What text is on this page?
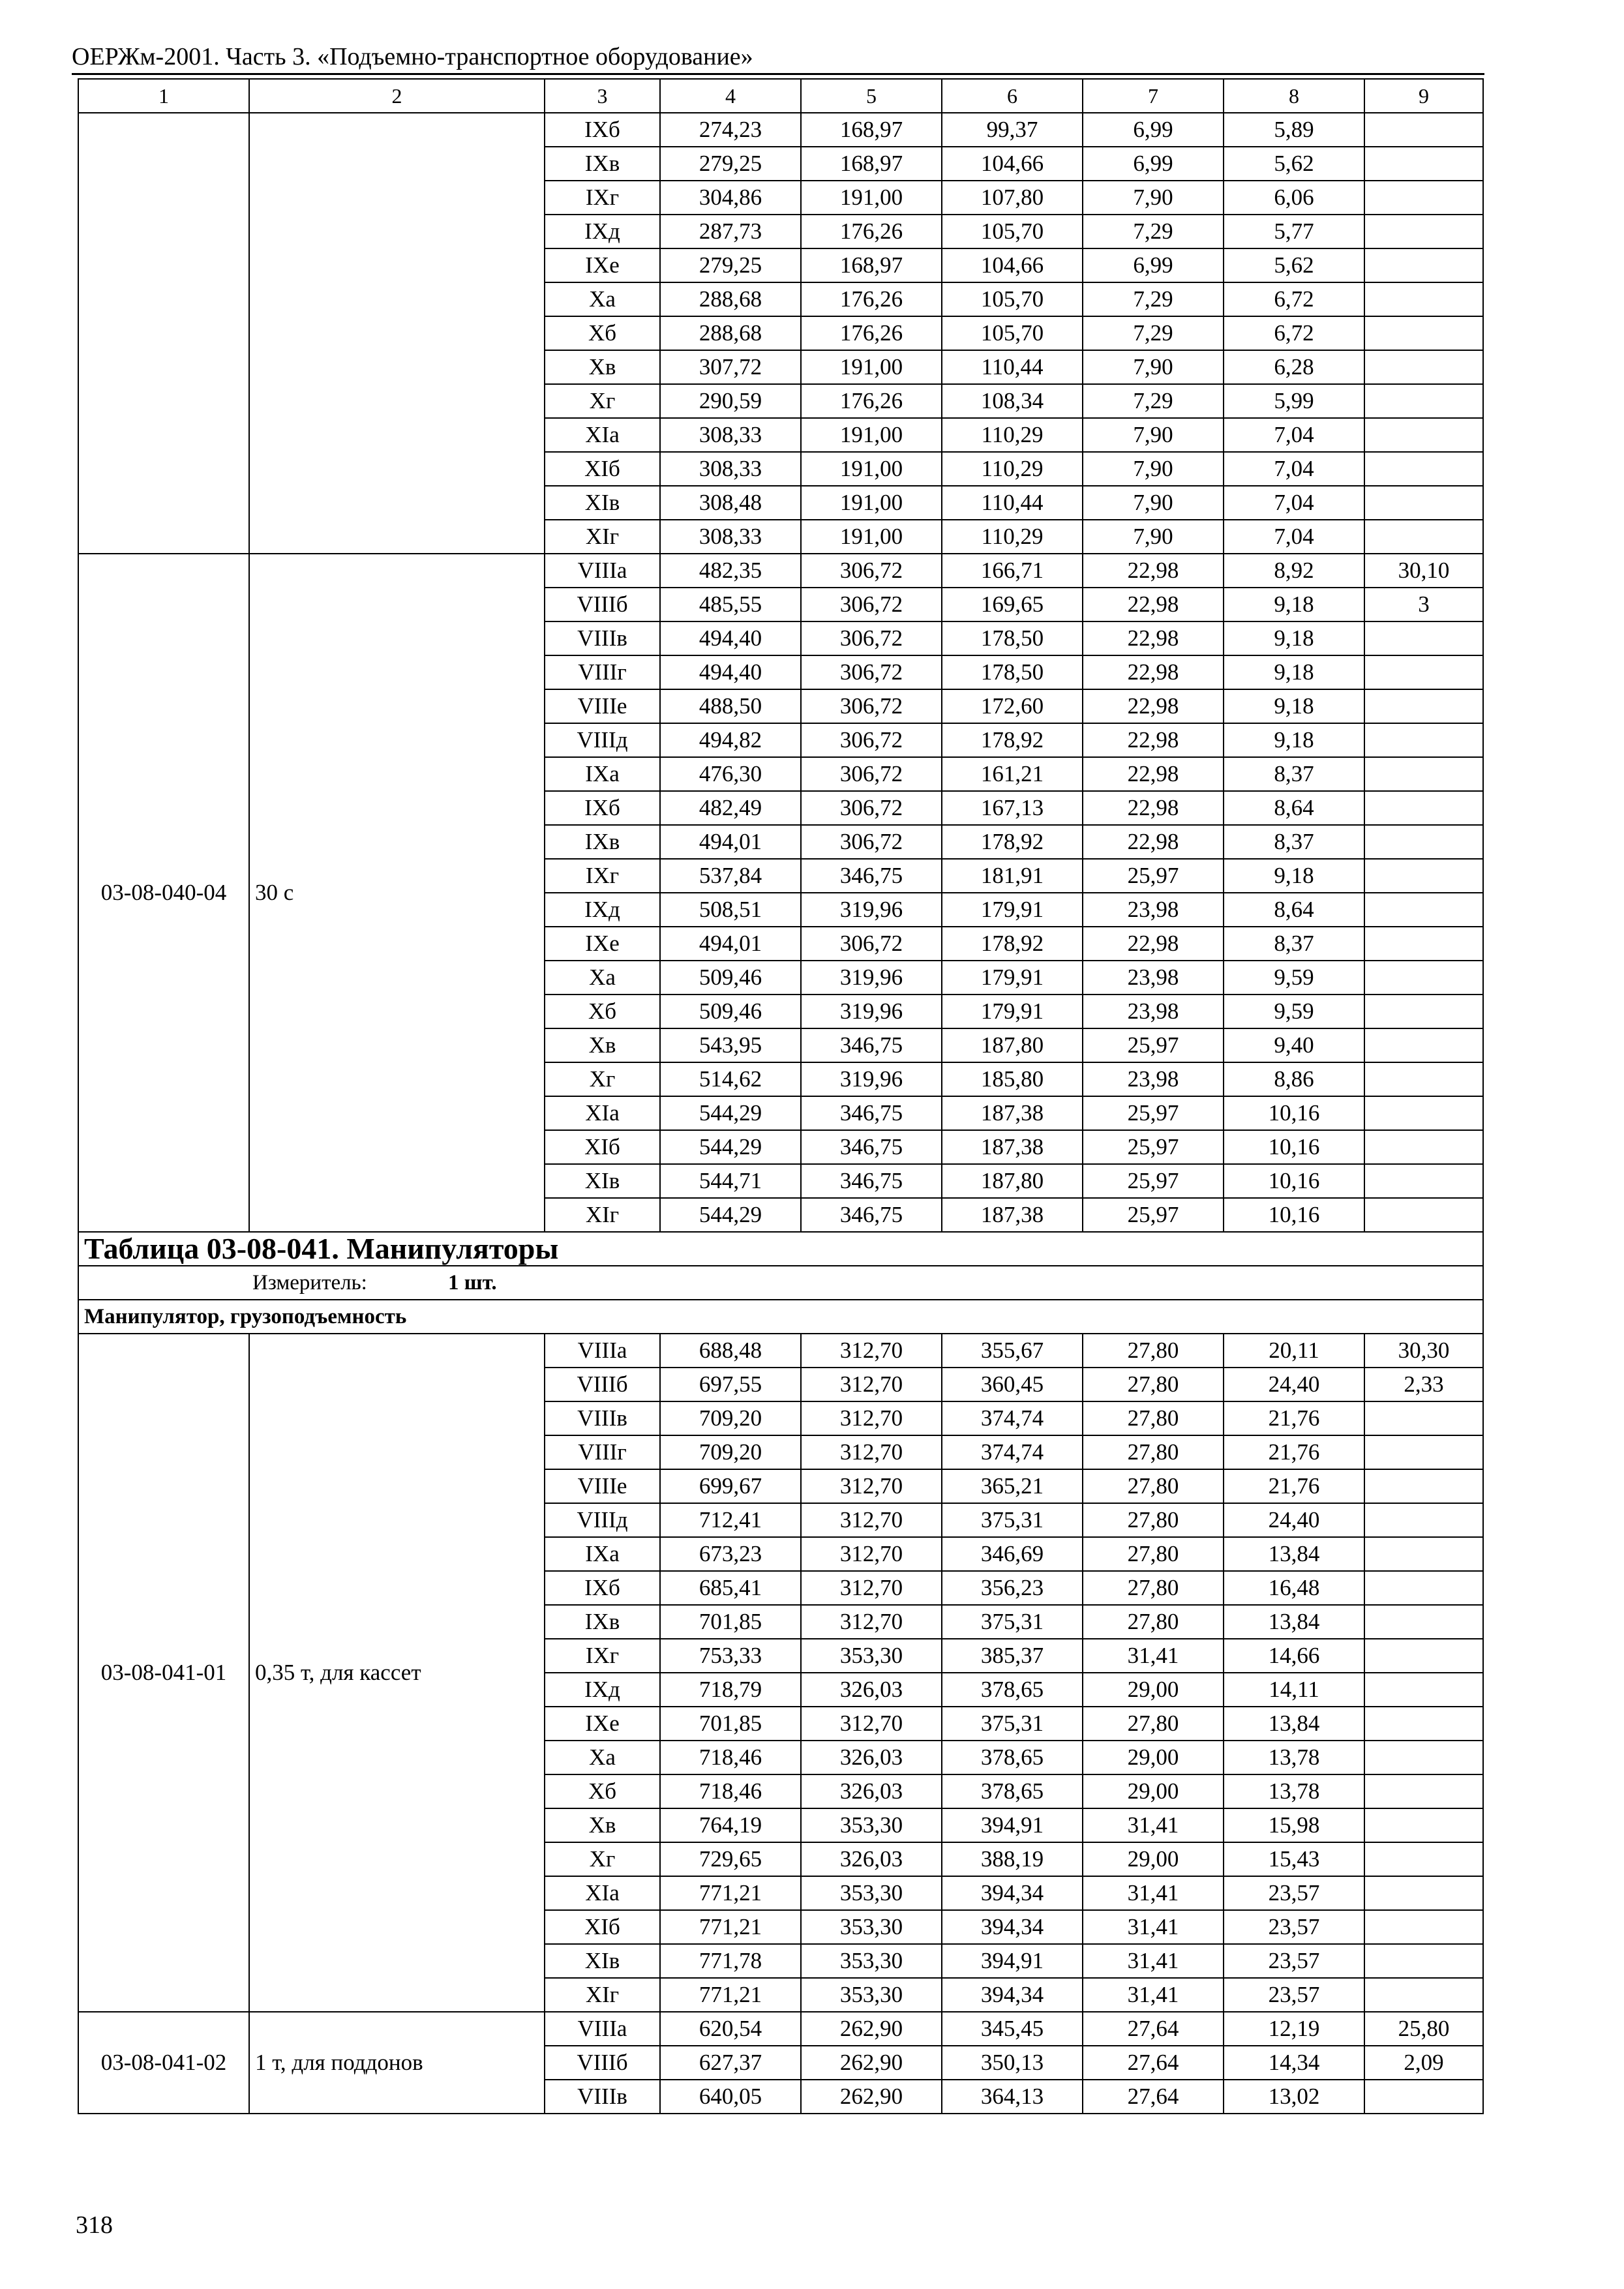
ОЕРЖм-2001. Часть 3. «Подъемно-транспортное оборудование»
1	2	3	4	5	6	7	8	9
		IXб	274,23	168,97	99,37	6,99	5,89	
		IXв	279,25	168,97	104,66	6,99	5,62	
		IXг	304,86	191,00	107,80	7,90	6,06	
		IXд	287,73	176,26	105,70	7,29	5,77	
		IXе	279,25	168,97	104,66	6,99	5,62	
		Xа	288,68	176,26	105,70	7,29	6,72	
		Xб	288,68	176,26	105,70	7,29	6,72	
		Xв	307,72	191,00	110,44	7,90	6,28	
		Xг	290,59	176,26	108,34	7,29	5,99	
		XIа	308,33	191,00	110,29	7,90	7,04	
		XIб	308,33	191,00	110,29	7,90	7,04	
		XIв	308,48	191,00	110,44	7,90	7,04	
		XIг	308,33	191,00	110,29	7,90	7,04	
03-08-040-04	30 с	VIIIа	482,35	306,72	166,71	22,98	8,92	30,10
		VIIIб	485,55	306,72	169,65	22,98	9,18	3
		VIIIв	494,40	306,72	178,50	22,98	9,18	
		VIIIг	494,40	306,72	178,50	22,98	9,18	
		VIIIе	488,50	306,72	172,60	22,98	9,18	
		VIIIд	494,82	306,72	178,92	22,98	9,18	
		IXа	476,30	306,72	161,21	22,98	8,37	
		IXб	482,49	306,72	167,13	22,98	8,64	
		IXв	494,01	306,72	178,92	22,98	8,37	
		IXг	537,84	346,75	181,91	25,97	9,18	
		IXд	508,51	319,96	179,91	23,98	8,64	
		IXе	494,01	306,72	178,92	22,98	8,37	
		Xа	509,46	319,96	179,91	23,98	9,59	
		Xб	509,46	319,96	179,91	23,98	9,59	
		Xв	543,95	346,75	187,80	25,97	9,40	
		Xг	514,62	319,96	185,80	23,98	8,86	
		XIа	544,29	346,75	187,38	25,97	10,16	
		XIб	544,29	346,75	187,38	25,97	10,16	
		XIв	544,71	346,75	187,80	25,97	10,16	
		XIг	544,29	346,75	187,38	25,97	10,16	
Таблица 03-08-041. Манипуляторы								
Измеритель: 1 шт.								
Манипулятор, грузоподъемность								
03-08-041-01	0,35 т, для кассет	VIIIа	688,48	312,70	355,67	27,80	20,11	30,30
		VIIIб	697,55	312,70	360,45	27,80	24,40	2,33
		VIIIв	709,20	312,70	374,74	27,80	21,76	
		VIIIг	709,20	312,70	374,74	27,80	21,76	
		VIIIе	699,67	312,70	365,21	27,80	21,76	
		VIIIд	712,41	312,70	375,31	27,80	24,40	
		IXа	673,23	312,70	346,69	27,80	13,84	
		IXб	685,41	312,70	356,23	27,80	16,48	
		IXв	701,85	312,70	375,31	27,80	13,84	
		IXг	753,33	353,30	385,37	31,41	14,66	
		IXд	718,79	326,03	378,65	29,00	14,11	
		IXе	701,85	312,70	375,31	27,80	13,84	
		Xа	718,46	326,03	378,65	29,00	13,78	
		Xб	718,46	326,03	378,65	29,00	13,78	
		Xв	764,19	353,30	394,91	31,41	15,98	
		Xг	729,65	326,03	388,19	29,00	15,43	
		XIа	771,21	353,30	394,34	31,41	23,57	
		XIб	771,21	353,30	394,34	31,41	23,57	
		XIв	771,78	353,30	394,91	31,41	23,57	
		XIг	771,21	353,30	394,34	31,41	23,57	
03-08-041-02	1 т, для поддонов	VIIIа	620,54	262,90	345,45	27,64	12,19	25,80
		VIIIб	627,37	262,90	350,13	27,64	14,34	2,09
		VIIIв	640,05	262,90	364,13	27,64	13,02	
318
